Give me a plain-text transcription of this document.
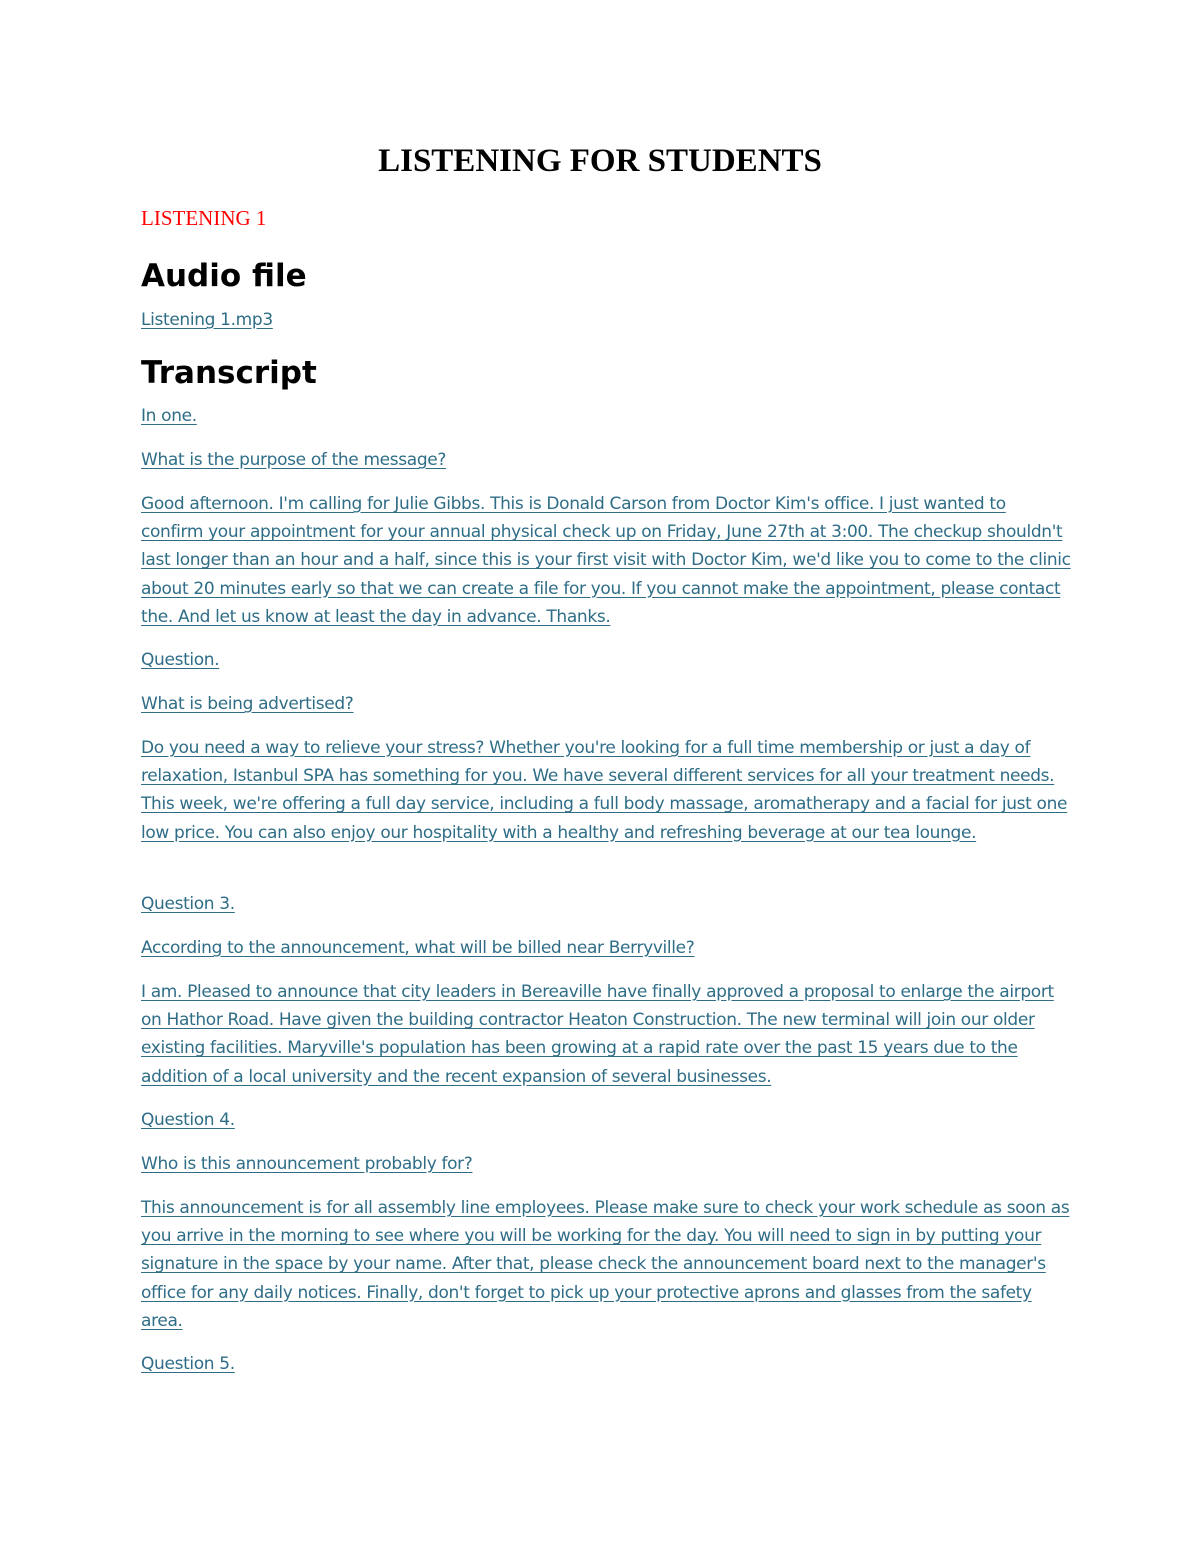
LISTENING FOR STUDENTS

LISTENING 1

Audio file
Listening 1.mp3
Transcript
In one.
What is the purpose of the message?
Good afternoon. I'm calling for Julie Gibbs. This is Donald Carson from Doctor Kim's office. I just wanted to confirm your appointment for your annual physical check up on Friday, June 27th at 3:00. The checkup shouldn't last longer than an hour and a half, since this is your first visit with Doctor Kim, we'd like you to come to the clinic about 20 minutes early so that we can create a file for you. If you cannot make the appointment, please contact the. And let us know at least the day in advance. Thanks.
Question.
What is being advertised?
Do you need a way to relieve your stress? Whether you're looking for a full time membership or just a day of relaxation, Istanbul SPA has something for you. We have several different services for all your treatment needs. This week, we're offering a full day service, including a full body massage, aromatherapy and a facial for just one low price. You can also enjoy our hospitality with a healthy and refreshing beverage at our tea lounge.
Question 3.
According to the announcement, what will be billed near Berryville?
I am. Pleased to announce that city leaders in Bereaville have finally approved a proposal to enlarge the airport on Hathor Road. Have given the building contractor Heaton Construction. The new terminal will join our older existing facilities. Maryville's population has been growing at a rapid rate over the past 15 years due to the addition of a local university and the recent expansion of several businesses.
Question 4.
Who is this announcement probably for?
This announcement is for all assembly line employees. Please make sure to check your work schedule as soon as you arrive in the morning to see where you will be working for the day. You will need to sign in by putting your signature in the space by your name. After that, please check the announcement board next to the manager's office for any daily notices. Finally, don't forget to pick up your protective aprons and glasses from the safety area.
Question 5.
